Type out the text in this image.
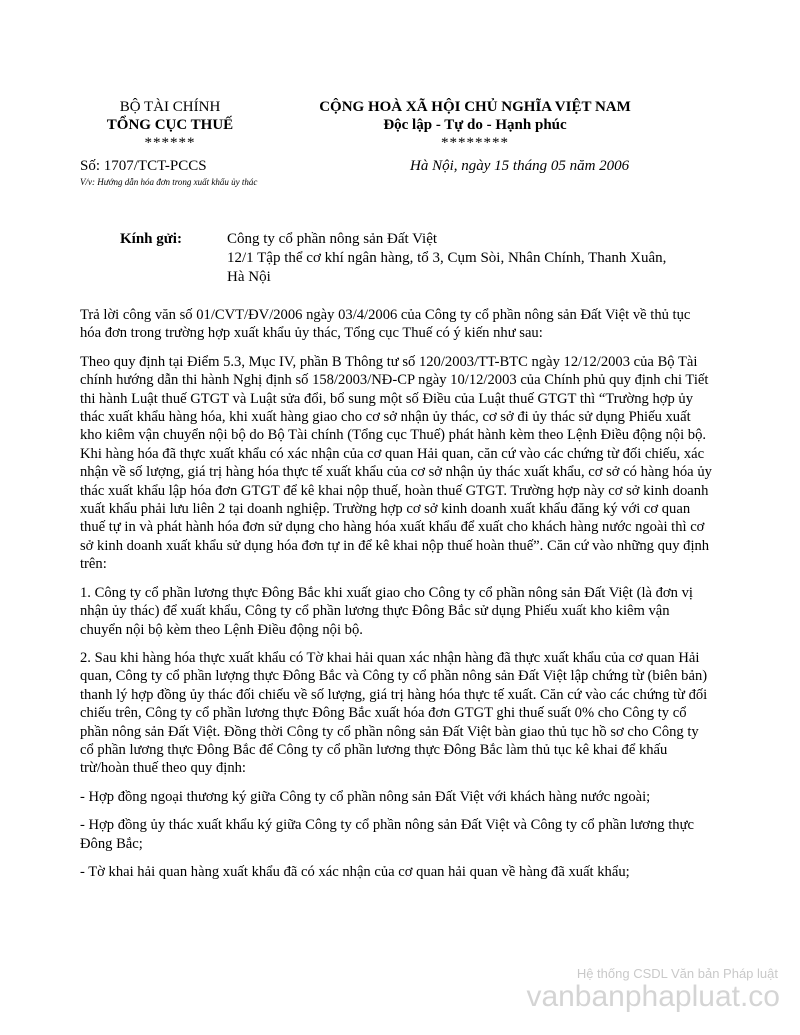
BỘ TÀI CHÍNH
TỔNG CỤC THUẾ
******
CỘNG HOÀ XÃ HỘI CHỦ NGHĨA VIỆT NAM
Độc lập - Tự do - Hạnh phúc
********
Số: 1707/TCT-PCCS
V/v: Hướng dẫn hóa đơn trong xuất khẩu ủy thác
Hà Nội, ngày 15 tháng 05 năm 2006
Kính gửi:	Công ty cổ phần nông sản Đất Việt
12/1 Tập thể cơ khí ngân hàng, tổ 3, Cụm Sòi, Nhân Chính, Thanh Xuân, Hà Nội

Trả lời công văn số 01/CVT/ĐV/2006 ngày 03/4/2006 của Công ty cổ phần nông sản Đất Việt về thủ tục hóa đơn trong trường hợp xuất khẩu ủy thác, Tổng cục Thuế có ý kiến như sau:

Theo quy định tại Điểm 5.3, Mục IV, phần B Thông tư số 120/2003/TT-BTC ngày 12/12/2003 của Bộ Tài chính hướng dẫn thi hành Nghị định số 158/2003/NĐ-CP ngày 10/12/2003 của Chính phủ quy định chi Tiết thi hành Luật thuế GTGT và Luật sửa đổi, bổ sung một số Điều của Luật thuế GTGT thì “Trường hợp ủy thác xuất khẩu hàng hóa, khi xuất hàng giao cho cơ sở nhận ủy thác, cơ sở đi ủy thác sử dụng Phiếu xuất kho kiêm vận chuyển nội bộ do Bộ Tài chính (Tổng cục Thuế) phát hành kèm theo Lệnh Điều động nội bộ. Khi hàng hóa đã thực xuất khẩu có xác nhận của cơ quan Hải quan, căn cứ vào các chứng từ đối chiếu, xác nhận về số lượng, giá trị hàng hóa thực tế xuất khẩu của cơ sở nhận ủy thác xuất khẩu, cơ sở có hàng hóa ủy thác xuất khẩu lập hóa đơn GTGT để kê khai nộp thuế, hoàn thuế GTGT. Trường hợp này cơ sở kinh doanh xuất khẩu phải lưu liên 2 tại doanh nghiệp. Trường hợp cơ sở kinh doanh xuất khẩu đăng ký với cơ quan thuế tự in và phát hành hóa đơn sử dụng cho hàng hóa xuất khẩu để xuất cho khách hàng nước ngoài thì cơ sở kinh doanh xuất khẩu sử dụng hóa đơn tự in để kê khai nộp thuế hoàn thuế”. Căn cứ vào những quy định trên:

1. Công ty cổ phần lương thực Đông Bắc khi xuất giao cho Công ty cổ phần nông sản Đất Việt (là đơn vị nhận ủy thác) để xuất khẩu, Công ty cổ phần lương thực Đông Bắc sử dụng Phiếu xuất kho kiêm vận chuyển nội bộ kèm theo Lệnh Điều động nội bộ.

2. Sau khi hàng hóa thực xuất khẩu có Tờ khai hải quan xác nhận hàng đã thực xuất khẩu của cơ quan Hải quan, Công ty cổ phần lượng thực Đông Bắc và Công ty cổ phần nông sản Đất Việt lập chứng từ (biên bản) thanh lý hợp đồng ủy thác đối chiếu về số lượng, giá trị hàng hóa thực tế xuất. Căn cứ vào các chứng từ đối chiếu trên, Công ty cổ phần lương thực Đông Bắc xuất hóa đơn GTGT ghi thuế suất 0% cho Công ty cổ phần nông sản Đất Việt. Đồng thời Công ty cổ phần nông sản Đất Việt bàn giao thủ tục hồ sơ cho Công ty cổ phần lương thực Đông Bắc để Công ty cổ phần lương thực Đông Bắc làm thủ tục kê khai để khấu trừ/hoàn thuế theo quy định:

- Hợp đồng ngoại thương ký giữa Công ty cổ phần nông sản Đất Việt với khách hàng nước ngoài;

- Hợp đồng ủy thác xuất khẩu ký giữa Công ty cổ phần nông sản Đất Việt và Công ty cổ phần lương thực Đông Bắc;

- Tờ khai hải quan hàng xuất khẩu đã có xác nhận của cơ quan hải quan về hàng đã xuất khẩu;

Hệ thống CSDL Văn bản Pháp luật
vanbanphapluat.co
